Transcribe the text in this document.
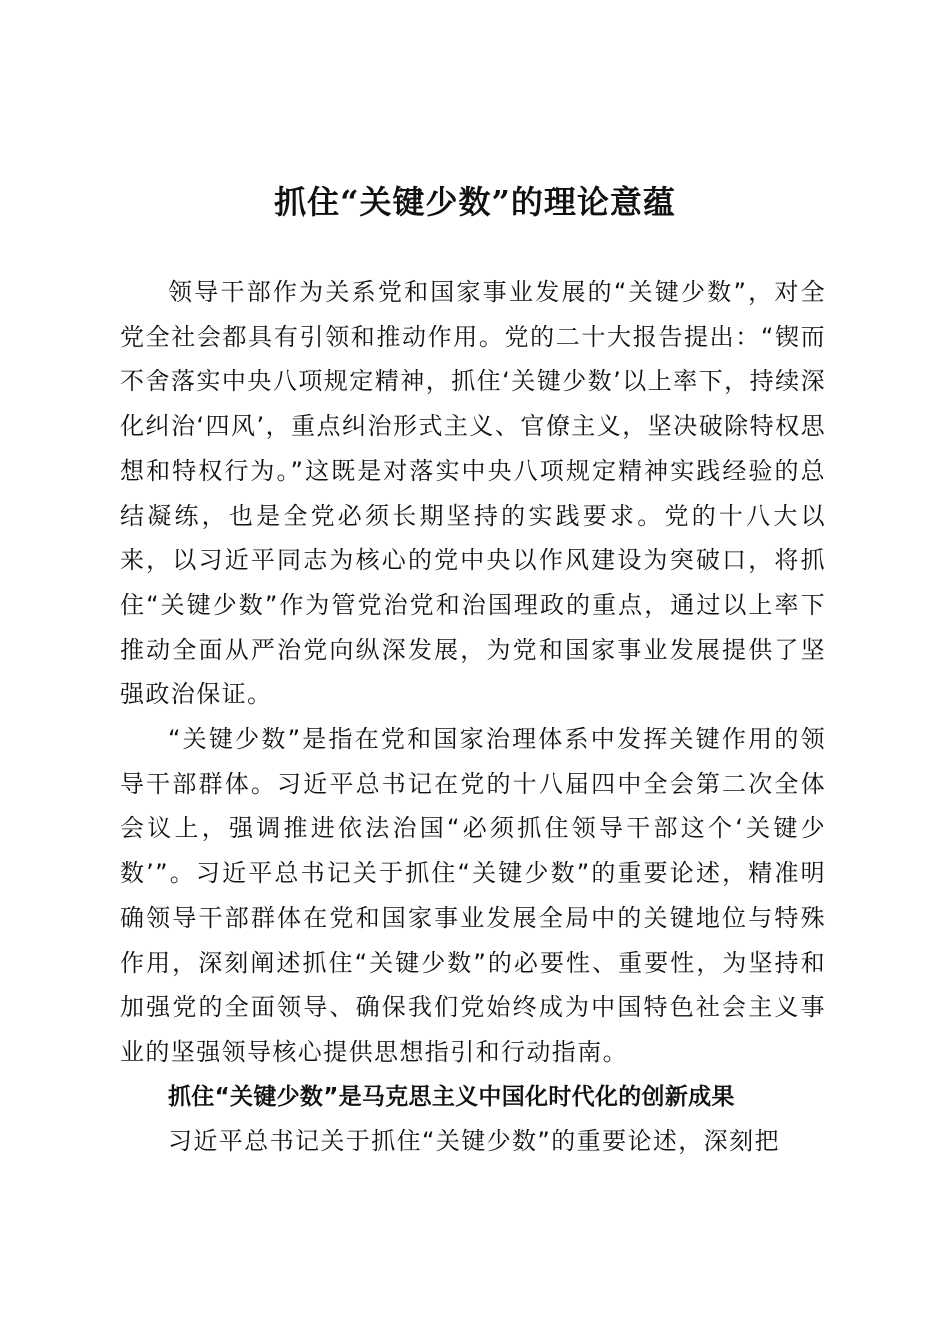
抓住“关键少数”的理论意蕴

领导干部作为关系党和国家事业发展的“关键少数”，对全党全社会都具有引领和推动作用。党的二十大报告提出：“锲而不舍落实中央八项规定精神，抓住‘关键少数’以上率下，持续深化纠治‘四风’，重点纠治形式主义、官僚主义，坚决破除特权思想和特权行为。”这既是对落实中央八项规定精神实践经验的总结凝练，也是全党必须长期坚持的实践要求。党的十八大以来，以习近平同志为核心的党中央以作风建设为突破口，将抓住“关键少数”作为管党治党和治国理政的重点，通过以上率下推动全面从严治党向纵深发展，为党和国家事业发展提供了坚强政治保证。

“关键少数”是指在党和国家治理体系中发挥关键作用的领导干部群体。习近平总书记在党的十八届四中全会第二次全体会议上，强调推进依法治国“必须抓住领导干部这个‘关键少数’”。习近平总书记关于抓住“关键少数”的重要论述，精准明确领导干部群体在党和国家事业发展全局中的关键地位与特殊作用，深刻阐述抓住“关键少数”的必要性、重要性，为坚持和加强党的全面领导、确保我们党始终成为中国特色社会主义事业的坚强领导核心提供思想指引和行动指南。

抓住“关键少数”是马克思主义中国化时代化的创新成果

习近平总书记关于抓住“关键少数”的重要论述，深刻把
